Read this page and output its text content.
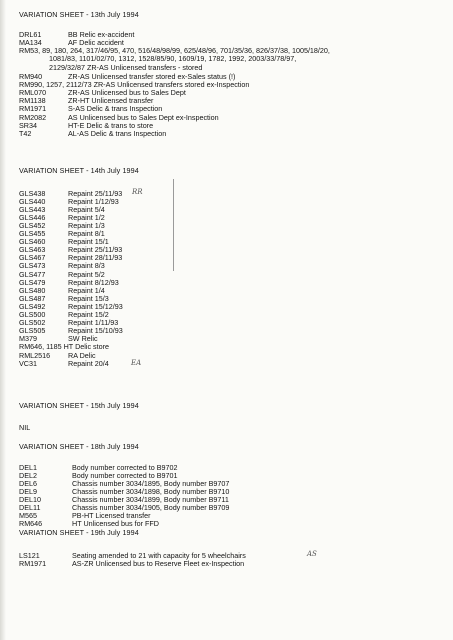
VARIATION SHEET - 13th July 1994
DRL61	BB Relic ex-accident
MA134	AF Delic accident
RM53, 89, 180, 264, 317/46/95, 470, 516/48/98/99, 625/48/96, 701/35/36, 826/37/38, 1005/18/20,
1081/83, 1101/02/70, 1312, 1528/85/90, 1609/19, 1782, 1992, 2003/33/78/97,
2129/32/87 ZR-AS Unlicensed transfers - stored
RM940	ZR-AS Unlicensed transfer stored ex-Sales status (!)
RM990, 1257, 2112/73 ZR-AS Unlicensed transfers stored ex-Inspection
RML070	ZR-AS Unlicensed bus to Sales Dept
RM1138	ZR-HT Unlicensed transfer
RM1971	S-AS Delic & trans Inspection
RM2082	AS Unlicensed bus to Sales Dept ex-Inspection
SR34	HT-E Delic & trans to store
T42	AL-AS Delic & trans Inspection
VARIATION SHEET - 14th July 1994
GLS438	Repaint 25/11/93 RR
GLS440	Repaint 1/12/93
GLS443	Repaint 5/4
GLS446	Repaint 1/2
GLS452	Repaint 1/3
GLS455	Repaint 8/1
GLS460	Repaint 15/1
GLS463	Repaint 25/11/93
GLS467	Repaint 28/11/93
GLS473	Repaint 8/3
GLS477	Repaint 5/2
GLS479	Repaint 8/12/93
GLS480	Repaint 1/4
GLS487	Repaint 15/3
GLS492	Repaint 15/12/93
GLS500	Repaint 15/2
GLS502	Repaint 1/11/93
GLS505	Repaint 15/10/93
M379	SW Relic
RM646, 1185 HT Delic store
RML2516 RA Delic
VC31	Repaint 20/4	EA
VARIATION SHEET - 15th July 1994
NIL
VARIATION SHEET - 18th July 1994
DEL1	Body number corrected to B9702
DEL2	Body number corrected to B9701
DEL6	Chassis number 3034/1895, Body number B9707
DEL9	Chassis number 3034/1898, Body number B9710
DEL10	Chassis number 3034/1899, Body number B9711
DEL11	Chassis number 3034/1905, Body number B9709
M565	PB-HT Licensed transfer
RM646	HT Unlicensed bus for FFD
VARIATION SHEET - 19th July 1994
LS121	Seating amended to 21 with capacity for 5 wheelchairs	AS
RM1971	AS-ZR Unlicensed bus to Reserve Fleet ex-Inspection
